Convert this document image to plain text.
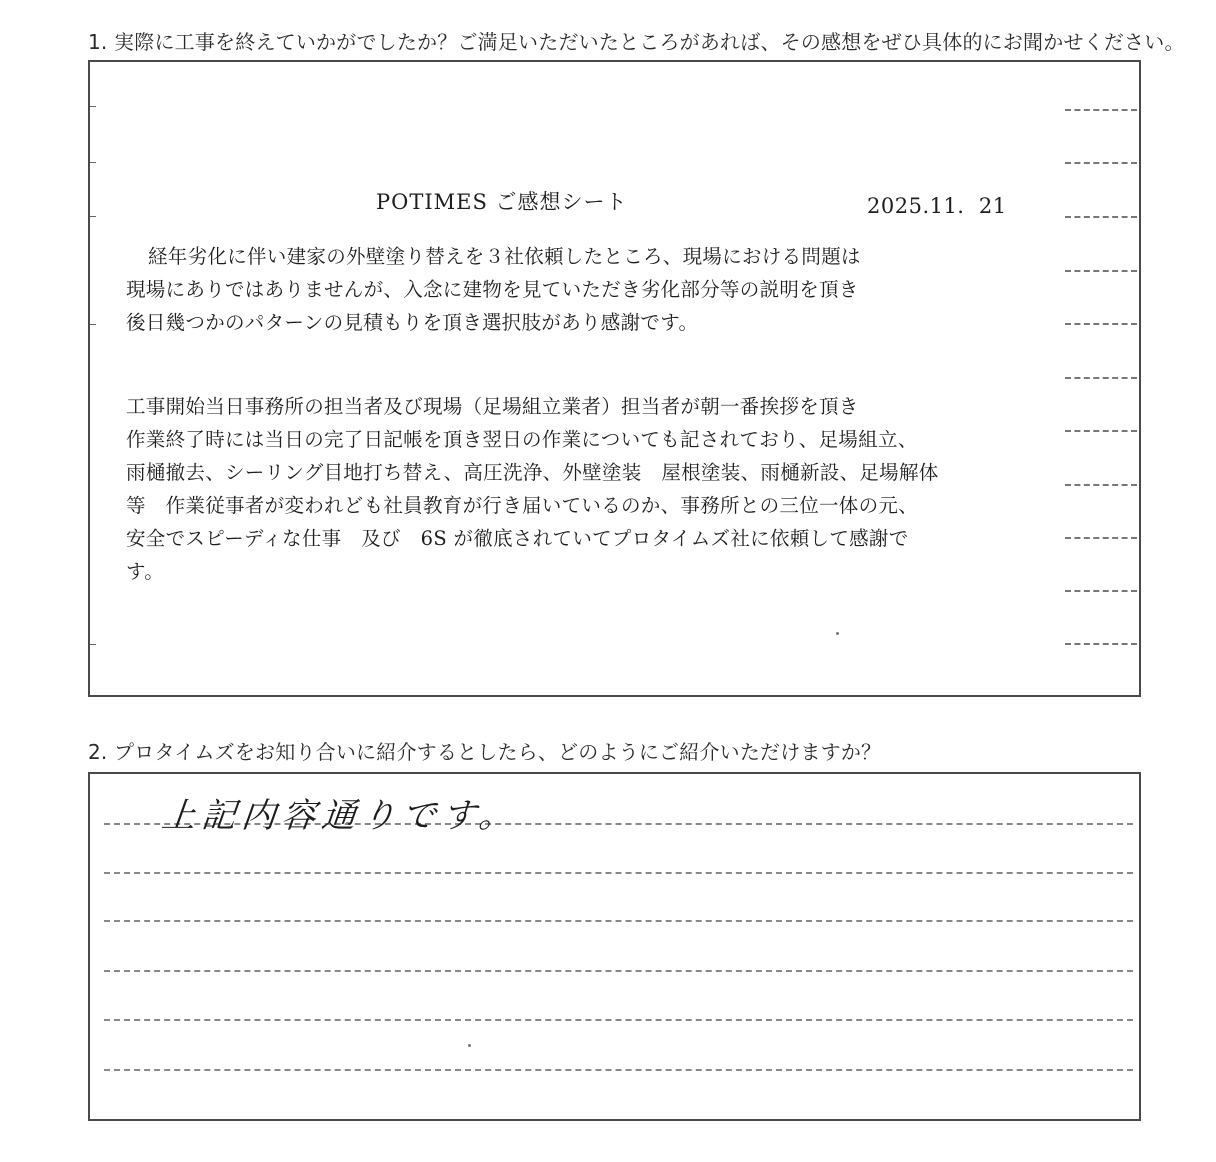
1. 実際に工事を終えていかがでしたか？ご満足いただいたところがあれば、その感想をぜひ具体的にお聞かせください。
POTIMES ご感想シート	2025.11．21
経年劣化に伴い建家の外壁塗り替えを３社依頼したところ、現場における問題は
現場にありではありませんが、入念に建物を見ていただき劣化部分等の説明を頂き
後日幾つかのパターンの見積もりを頂き選択肢があり感謝です。
工事開始当日事務所の担当者及び現場（足場組立業者）担当者が朝一番挨拶を頂き
作業終了時には当日の完了日記帳を頂き翌日の作業についても記されており、足場組立、
雨樋撤去、シーリング目地打ち替え、高圧洗浄、外壁塗装　屋根塗装、雨樋新設、足場解体
等　作業従事者が変われども社員教育が行き届いているのか、事務所との三位一体の元、
安全でスピーディな仕事　及び　6S が徹底されていてプロタイムズ社に依頼して感謝で
す。
2. プロタイムズをお知り合いに紹介するとしたら、どのようにご紹介いただけますか？
上記内容通りです。
